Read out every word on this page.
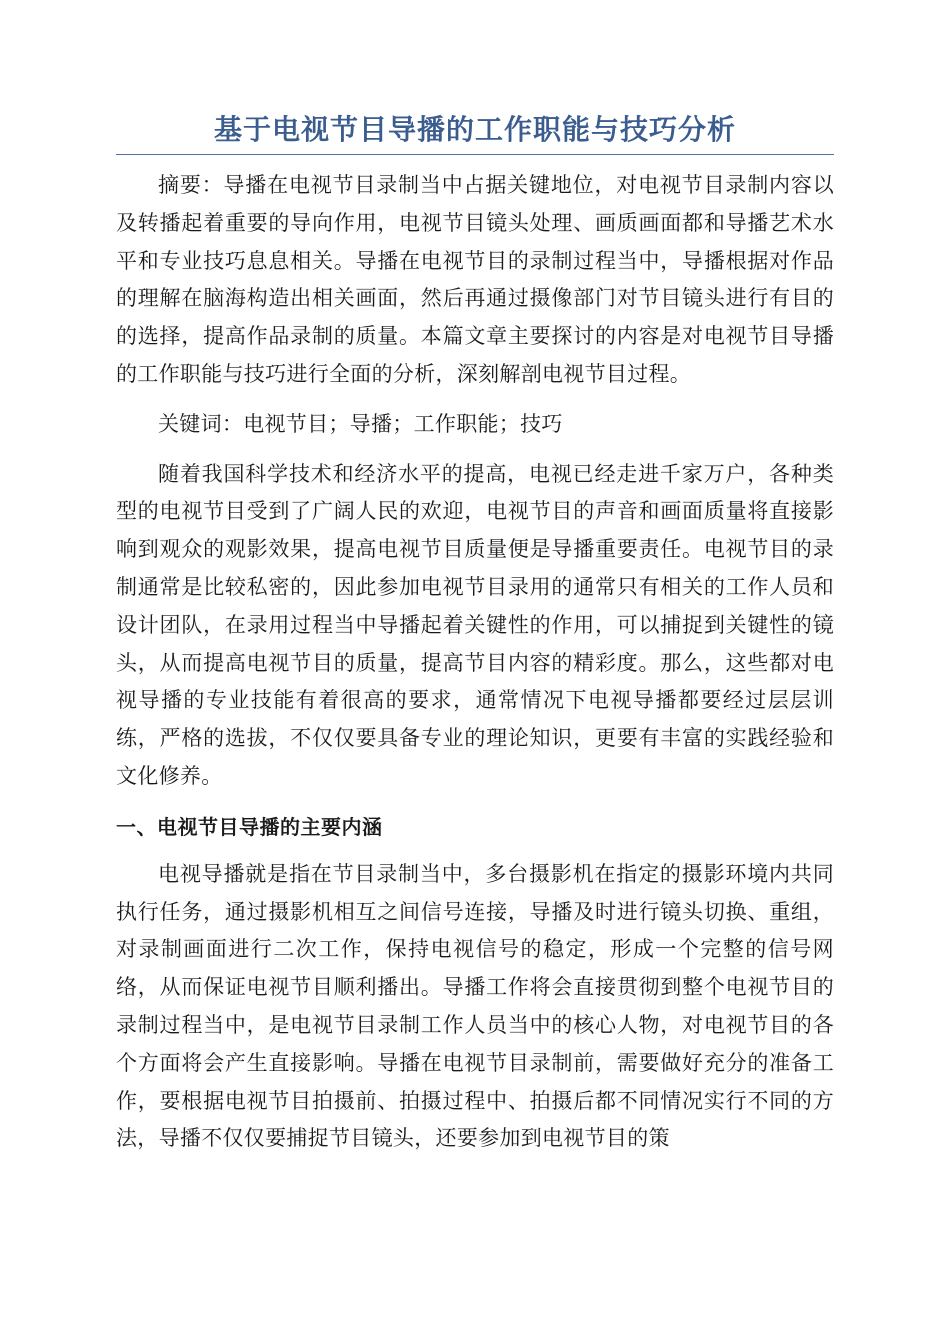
基于电视节目导播的工作职能与技巧分析

摘要：导播在电视节目录制当中占据关键地位，对电视节目录制内容以及转播起着重要的导向作用，电视节目镜头处理、画质画面都和导播艺术水平和专业技巧息息相关。导播在电视节目的录制过程当中，导播根据对作品的理解在脑海构造出相关画面，然后再通过摄像部门对节目镜头进行有目的的选择，提高作品录制的质量。本篇文章主要探讨的内容是对电视节目导播的工作职能与技巧进行全面的分析，深刻解剖电视节目过程。

关键词：电视节目；导播；工作职能；技巧

随着我国科学技术和经济水平的提高，电视已经走进千家万户，各种类型的电视节目受到了广阔人民的欢迎，电视节目的声音和画面质量将直接影响到观众的观影效果，提高电视节目质量便是导播重要责任。电视节目的录制通常是比较私密的，因此参加电视节目录用的通常只有相关的工作人员和设计团队，在录用过程当中导播起着关键性的作用，可以捕捉到关键性的镜头，从而提高电视节目的质量，提高节目内容的精彩度。那么，这些都对电视导播的专业技能有着很高的要求，通常情况下电视导播都要经过层层训练，严格的选拔，不仅仅要具备专业的理论知识，更要有丰富的实践经验和文化修养。

一、电视节目导播的主要内涵

电视导播就是指在节目录制当中，多台摄影机在指定的摄影环境内共同执行任务，通过摄影机相互之间信号连接，导播及时进行镜头切换、重组，对录制画面进行二次工作，保持电视信号的稳定，形成一个完整的信号网络，从而保证电视节目顺利播出。导播工作将会直接贯彻到整个电视节目的录制过程当中，是电视节目录制工作人员当中的核心人物，对电视节目的各个方面将会产生直接影响。导播在电视节目录制前，需要做好充分的准备工作，要根据电视节目拍摄前、拍摄过程中、拍摄后都不同情况实行不同的方法，导播不仅仅要捕捉节目镜头，还要参加到电视节目的策
